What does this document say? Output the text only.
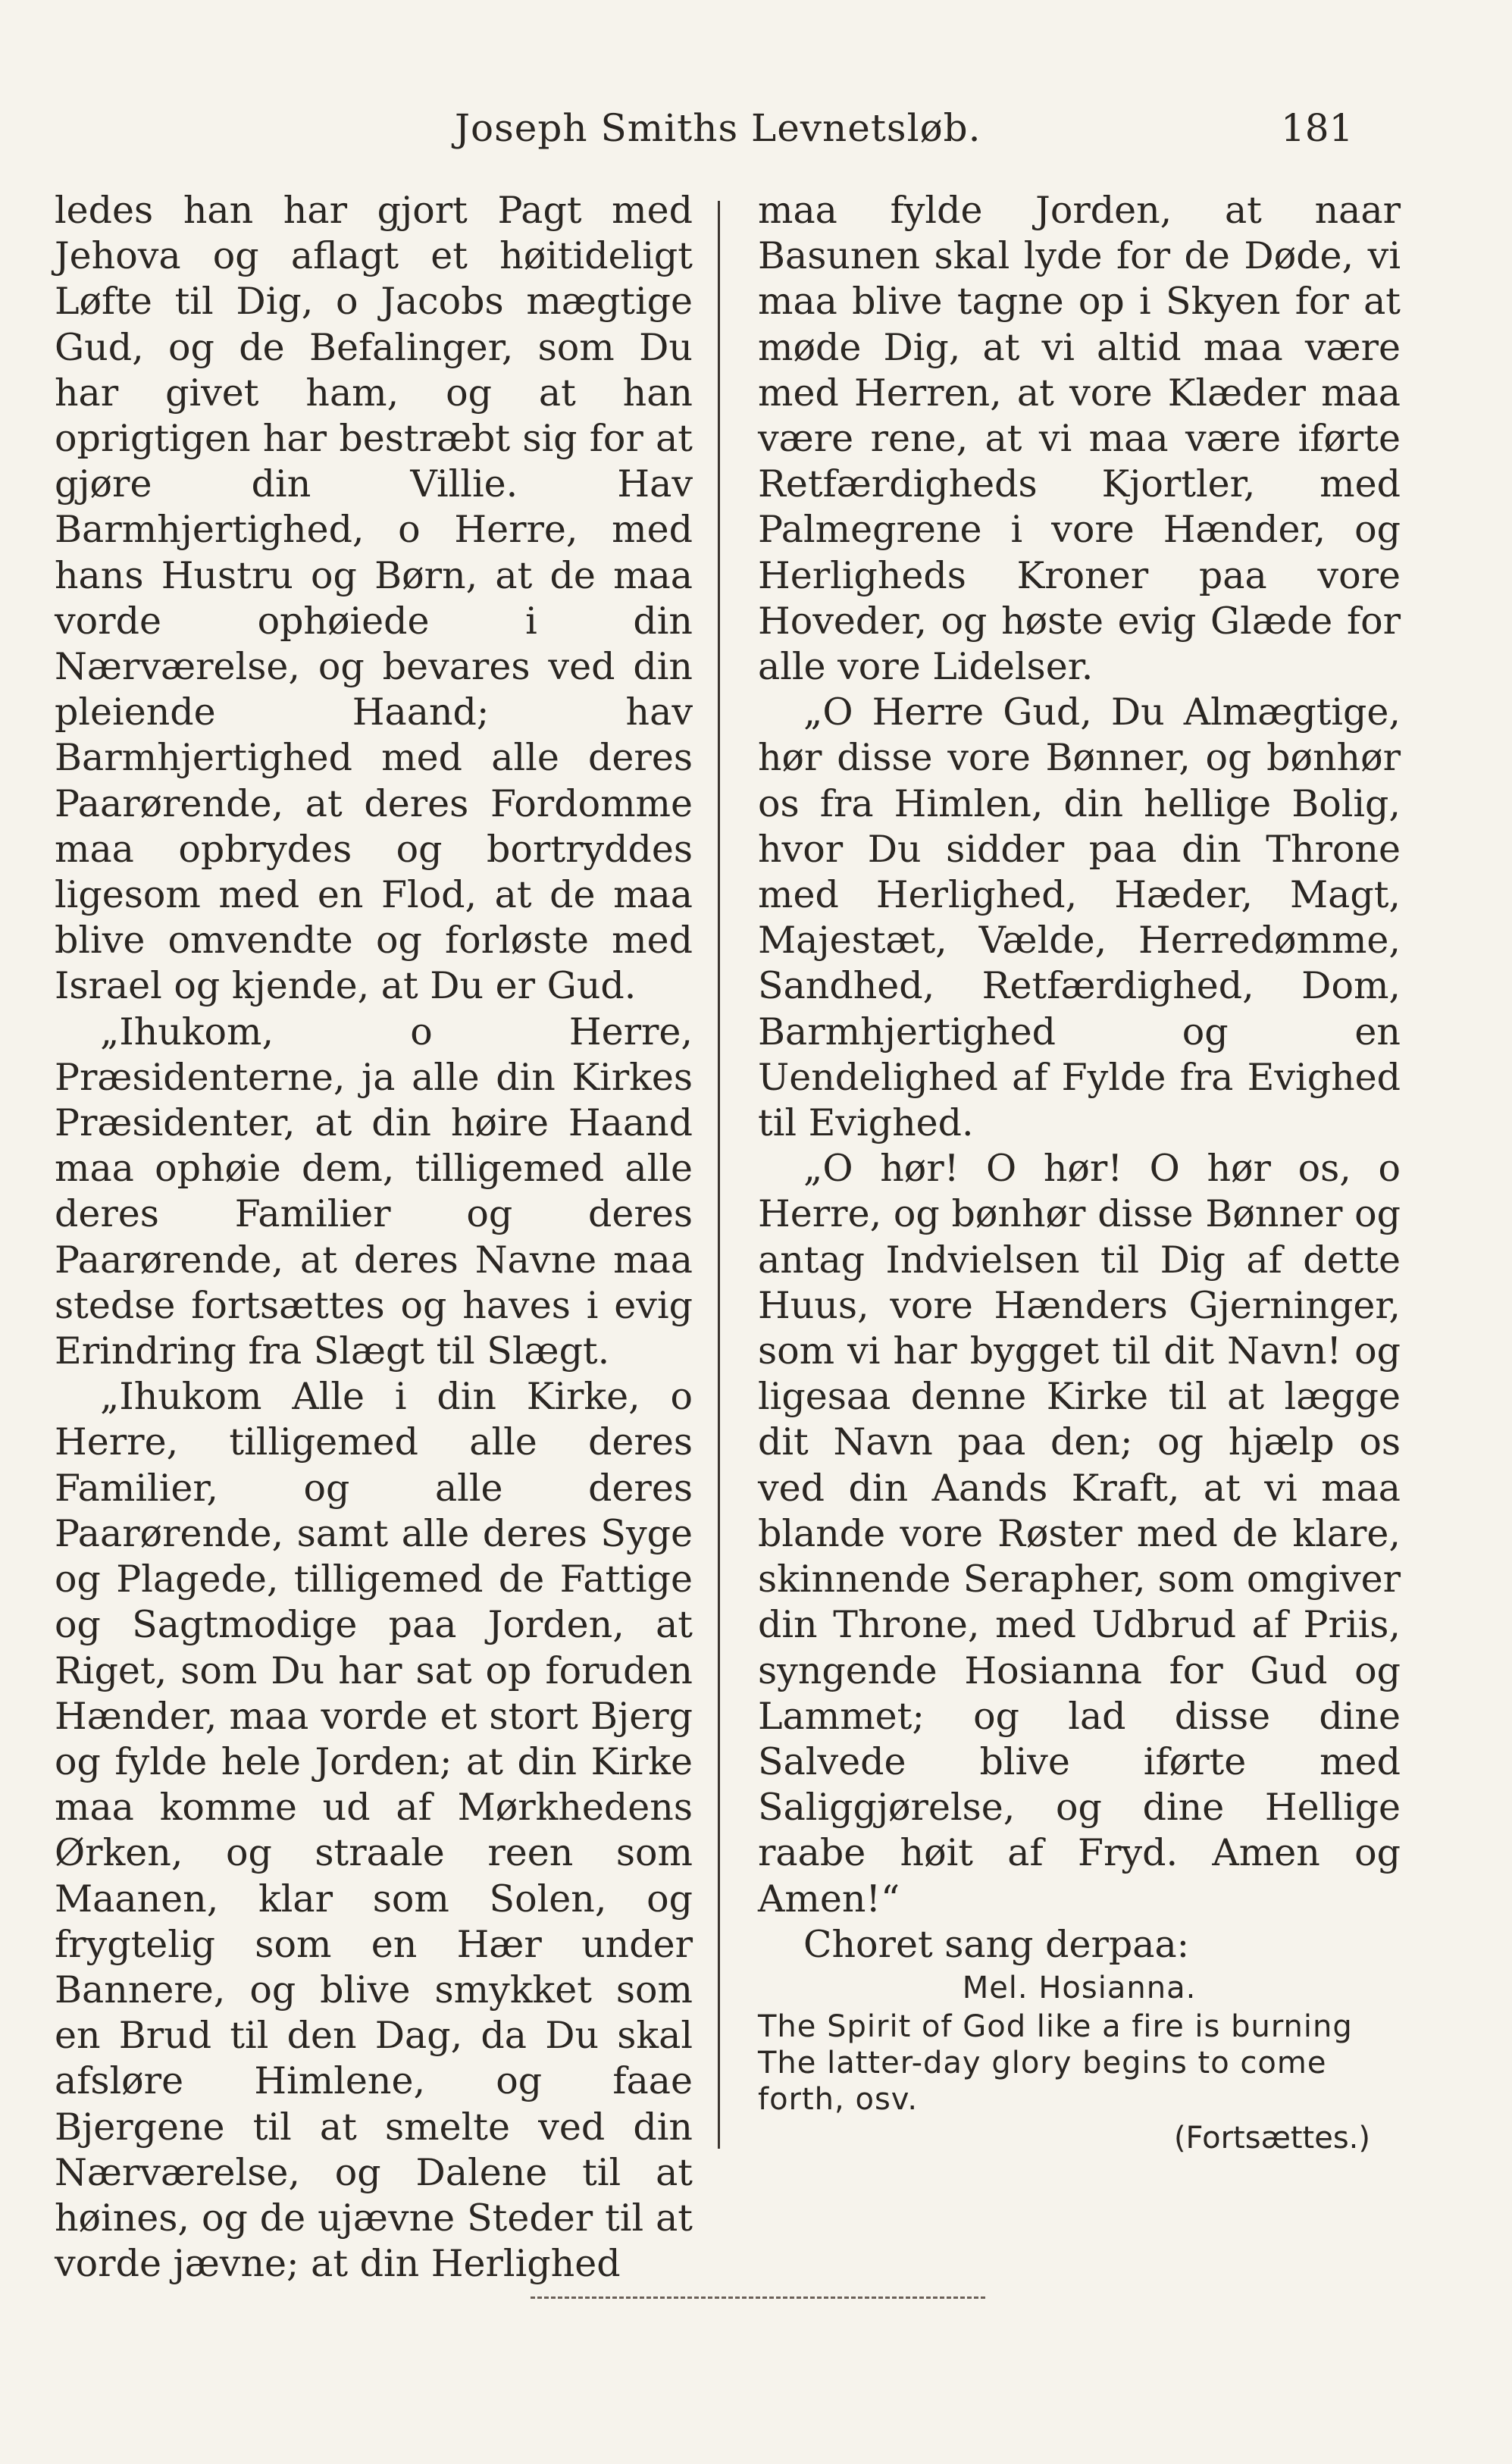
Joseph Smiths Levnetsløb.	181

ledes han har gjort Pagt med Jehova og aflagt et høitideligt Løfte til Dig, o Jacobs mægtige Gud, og de Befalinger, som Du har givet ham, og at han oprigtigen har bestræbt sig for at gjøre din Villie. Hav Barmhjertighed, o Herre, med hans Hustru og Børn, at de maa vorde ophøiede i din Nærværelse, og bevares ved din pleiende Haand; hav Barmhjertighed med alle deres Paarørende, at deres Fordomme maa opbrydes og bortryddes ligesom med en Flod, at de maa blive omvendte og forløste med Israel og kjende, at Du er Gud.

„Ihukom, o Herre, Præsidenterne, ja alle din Kirkes Præsidenter, at din høire Haand maa ophøie dem, tilligemed alle deres Familier og deres Paarørende, at deres Navne maa stedse fortsættes og haves i evig Erindring fra Slægt til Slægt.

„Ihukom Alle i din Kirke, o Herre, tilligemed alle deres Familier, og alle deres Paarørende, samt alle deres Syge og Plagede, tilligemed de Fattige og Sagtmodige paa Jorden, at Riget, som Du har sat op foruden Hænder, maa vorde et stort Bjerg og fylde hele Jorden; at din Kirke maa komme ud af Mørkhedens Ørken, og straale reen som Maanen, klar som Solen, og frygtelig som en Hær under Bannere, og blive smykket som en Brud til den Dag, da Du skal afsløre Himlene, og faae Bjergene til at smelte ved din Nærværelse, og Dalene til at høines, og de ujævne Steder til at vorde jævne; at din Herlighed

maa fylde Jorden, at naar Basunen skal lyde for de Døde, vi maa blive tagne op i Skyen for at møde Dig, at vi altid maa være med Herren, at vore Klæder maa være rene, at vi maa være iførte Retfærdigheds Kjortler, med Palmegrene i vore Hænder, og Herligheds Kroner paa vore Hoveder, og høste evig Glæde for alle vore Lidelser.

„O Herre Gud, Du Almægtige, hør disse vore Bønner, og bønhør os fra Himlen, din hellige Bolig, hvor Du sidder paa din Throne med Herlighed, Hæder, Magt, Majestæt, Vælde, Herredømme, Sandhed, Retfærdighed, Dom, Barmhjertighed og en Uendelighed af Fylde fra Evighed til Evighed.

„O hør! O hør! O hør os, o Herre, og bønhør disse Bønner og antag Indvielsen til Dig af dette Huus, vore Hænders Gjerninger, som vi har bygget til dit Navn! og ligesaa denne Kirke til at lægge dit Navn paa den; og hjælp os ved din Aands Kraft, at vi maa blande vore Røster med de klare, skinnende Serapher, som omgiver din Throne, med Udbrud af Priis, syngende Hosianna for Gud og Lammet; og lad disse dine Salvede blive iførte med Saliggjørelse, og dine Hellige raabe høit af Fryd. Amen og Amen!“

Choret sang derpaa:

Mel. Hosianna.
The Spirit of God like a fire is burning
The latter-day glory begins to come forth, osv.
(Fortsættes.)
